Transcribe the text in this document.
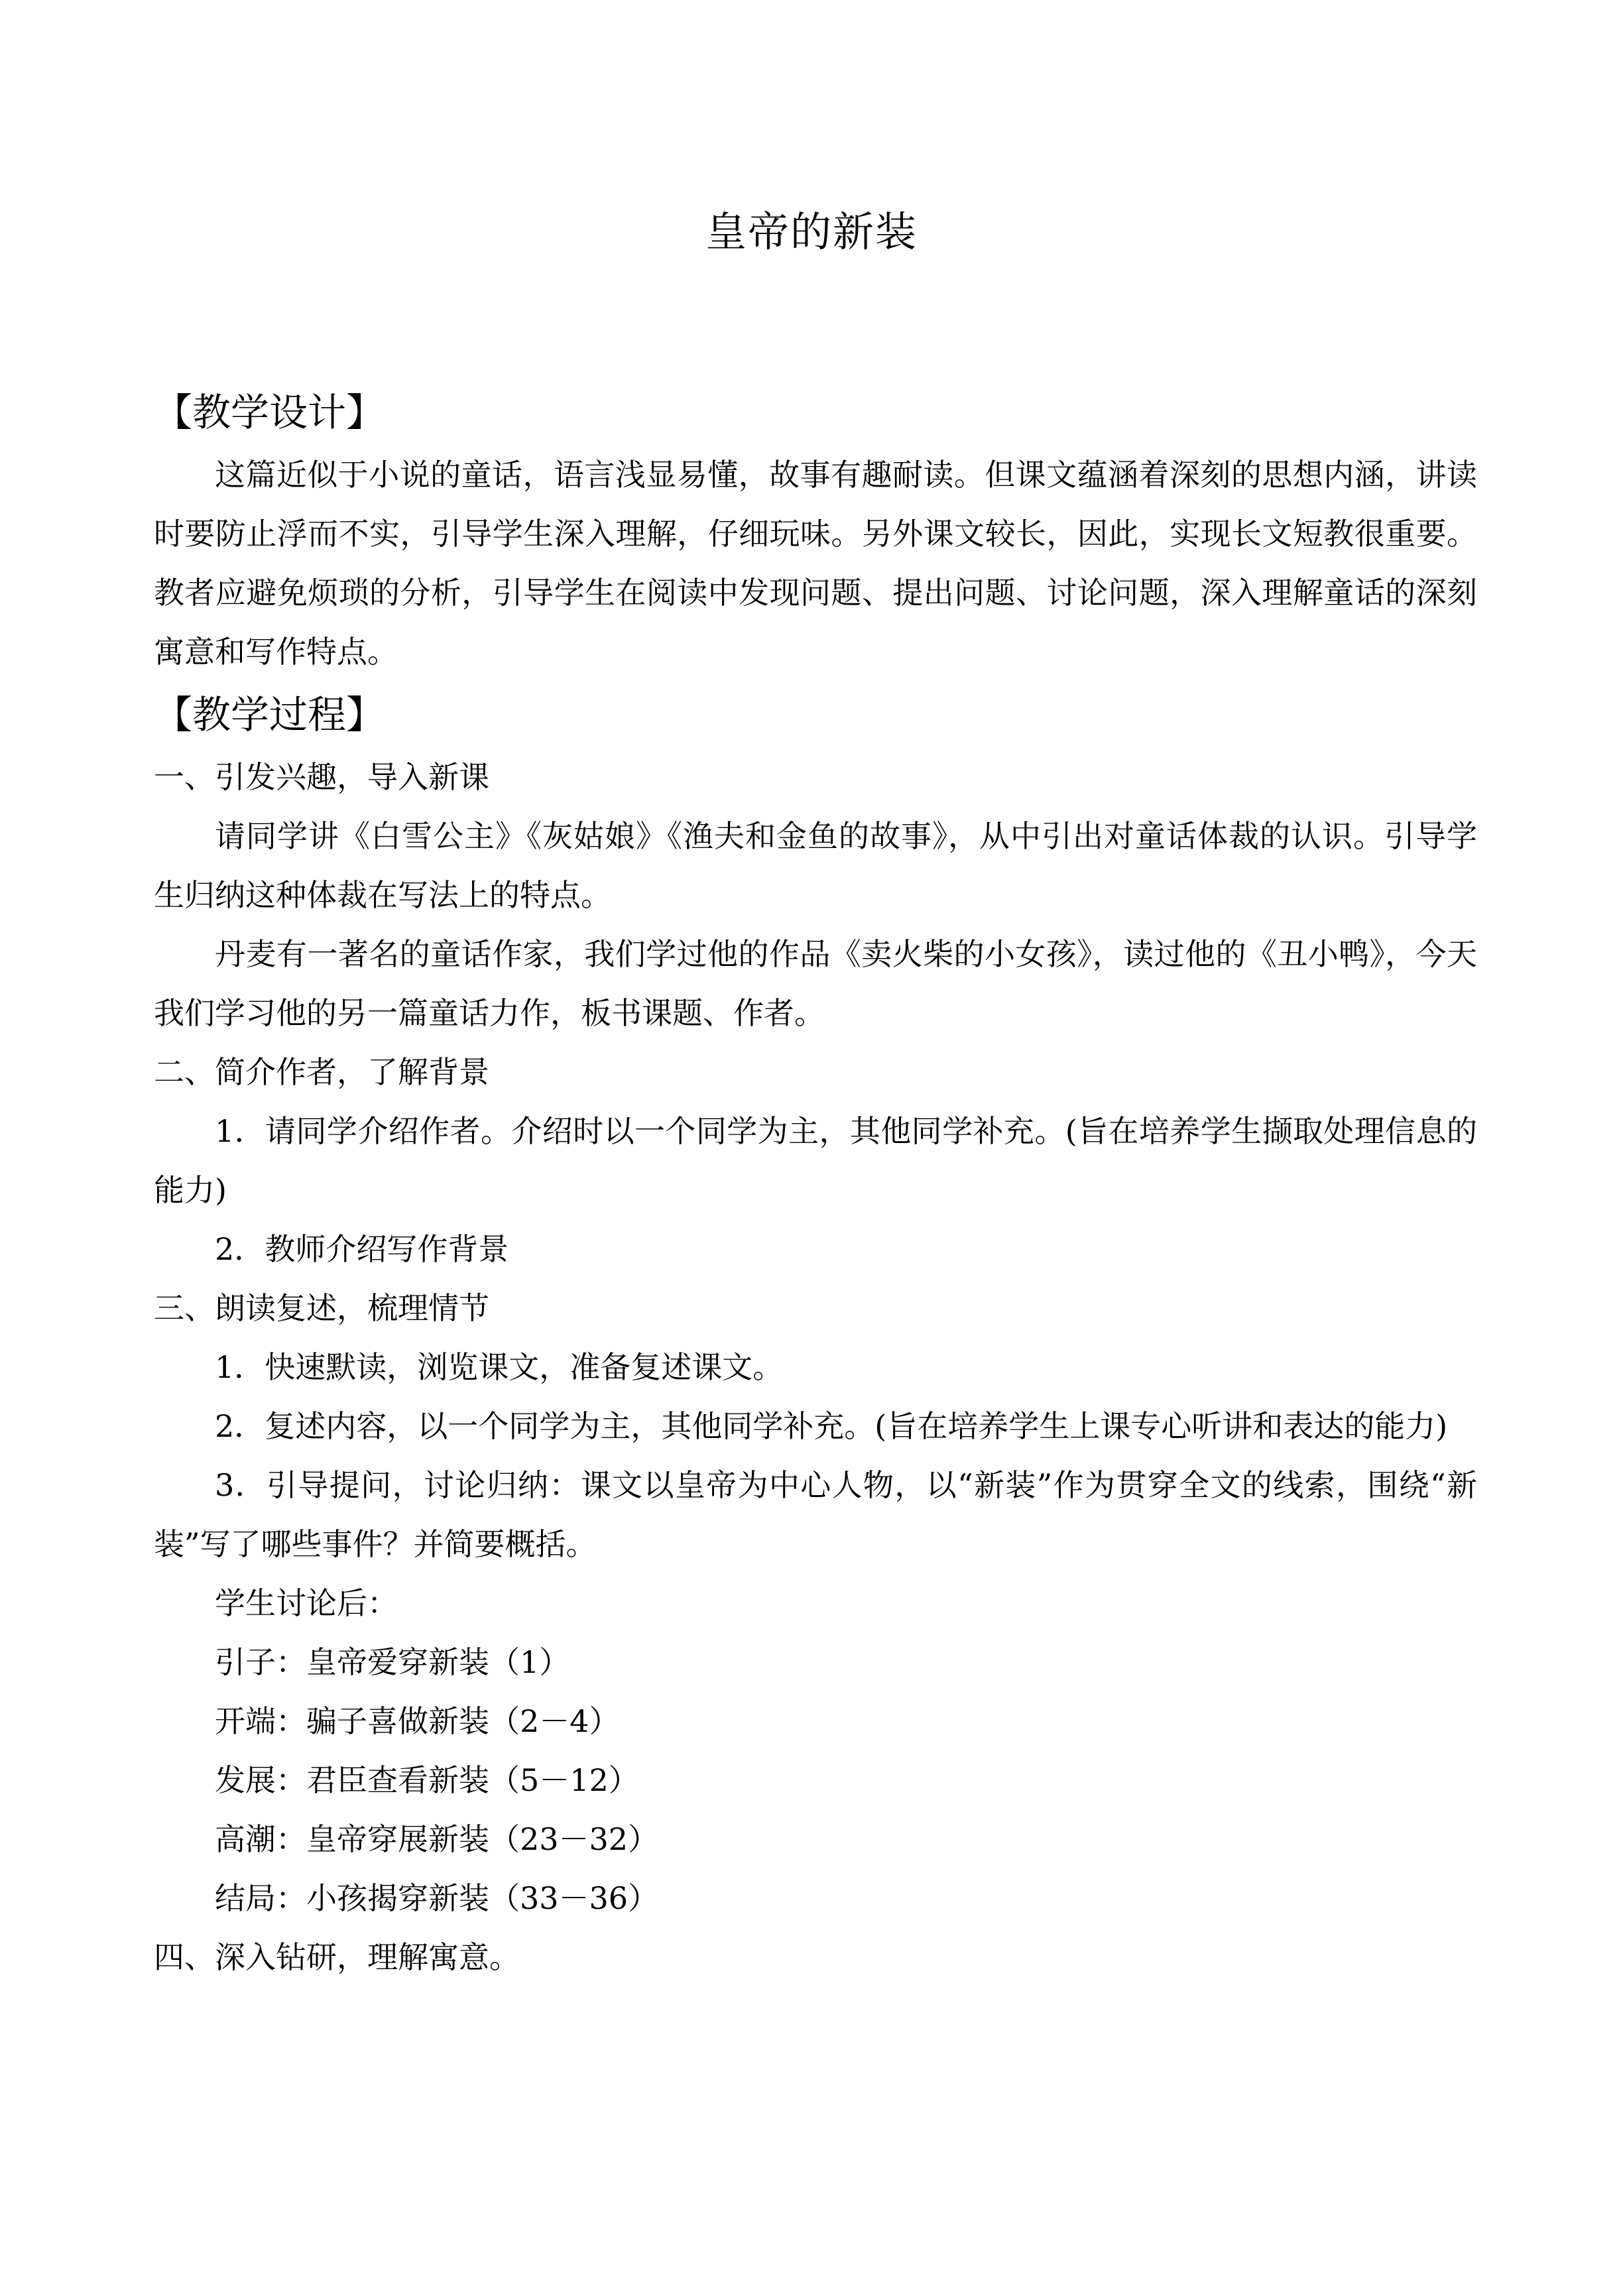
皇帝的新装

【教学设计】

这篇近似于小说的童话，语言浅显易懂，故事有趣耐读。但课文蕴涵着深刻的思想内涵，讲读时要防止浮而不实，引导学生深入理解，仔细玩味。另外课文较长，因此，实现长文短教很重要。教者应避免烦琐的分析，引导学生在阅读中发现问题、提出问题、讨论问题，深入理解童话的深刻寓意和写作特点。

【教学过程】

一、引发兴趣，导入新课

请同学讲《白雪公主》《灰姑娘》《渔夫和金鱼的故事》，从中引出对童话体裁的认识。引导学生归纳这种体裁在写法上的特点。

丹麦有一著名的童话作家，我们学过他的作品《卖火柴的小女孩》，读过他的《丑小鸭》，今天我们学习他的另一篇童话力作，板书课题、作者。

二、简介作者，了解背景

1．请同学介绍作者。介绍时以一个同学为主，其他同学补充。(旨在培养学生撷取处理信息的能力)

2．教师介绍写作背景

三、朗读复述，梳理情节

1．快速默读，浏览课文，准备复述课文。

2．复述内容，以一个同学为主，其他同学补充。(旨在培养学生上课专心听讲和表达的能力)

3．引导提问，讨论归纳：课文以皇帝为中心人物，以“新装”作为贯穿全文的线索，围绕“新装”写了哪些事件？并简要概括。

学生讨论后：

引子：皇帝爱穿新装（1）

开端：骗子喜做新装（2－4）

发展：君臣查看新装（5－12）

高潮：皇帝穿展新装（23－32）

结局：小孩揭穿新装（33－36）

四、深入钻研，理解寓意。
